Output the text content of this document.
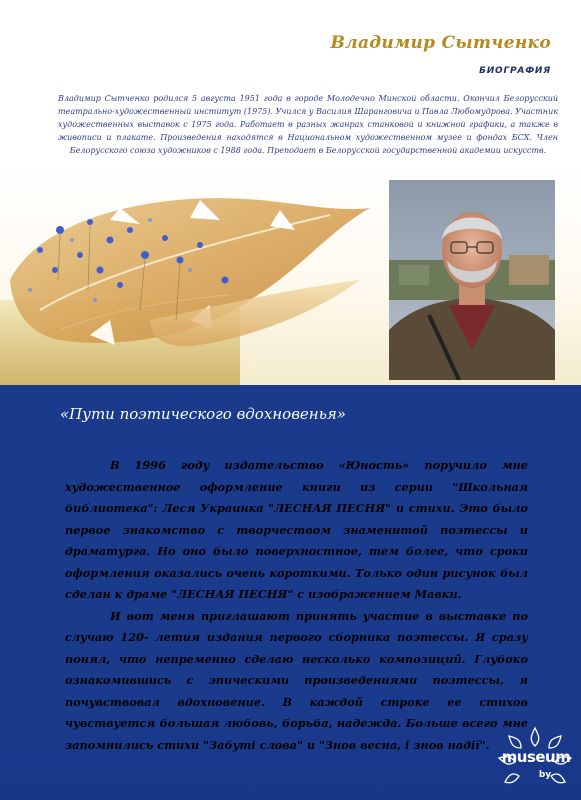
Владимир Сытченко
БИОГРАФИЯ
Владимир Сытченко родился 5 августа 1951 года в городе Молодечно Минской области. Окончил Белорусский театрально-художественный институт (1975). Учился у Василия Шаранговича и Павла Любомудрова. Участник художественных выставок с 1975 года. Работает в разных жанрах станковой и книжной графики, а также в живописи и плакате. Произведения находятся в Национальном художественном музее и фондах БСХ. Член Белорусского союза художников с 1988 года. Преподает в Белорусской государственной академии искусств.
«Пути поэтического вдохновенья»

В 1996 году издательство «Юность» поручило мне художественное оформление книги из серии "Школьная библиотека": Леся Украинка "ЛЕСНАЯ ПЕСНЯ" и стихи. Это было первое знакомство с творчеством знаменитой поэтессы и драматурга. Но оно было поверхностное, тем более, что сроки оформления оказались очень короткими. Только один рисунок был сделан к драме "ЛЕСНАЯ ПЕСНЯ" с изображением Мавки.

И вот меня приглашают принять участие в выставке по случаю 120- летия издания первого сборника поэтессы. Я сразу понял, что непременно сделаю несколько композиций. Глубоко ознакомившись с эпическими произведениями поэтессы, я почувствовал вдохновение. В каждой строке ее стихов чувствуется большая любовь, борьба, надежда. Больше всего мне запомнились стихи "Забутi слова" и "Знов весна, i знов надiї".

museum
by
